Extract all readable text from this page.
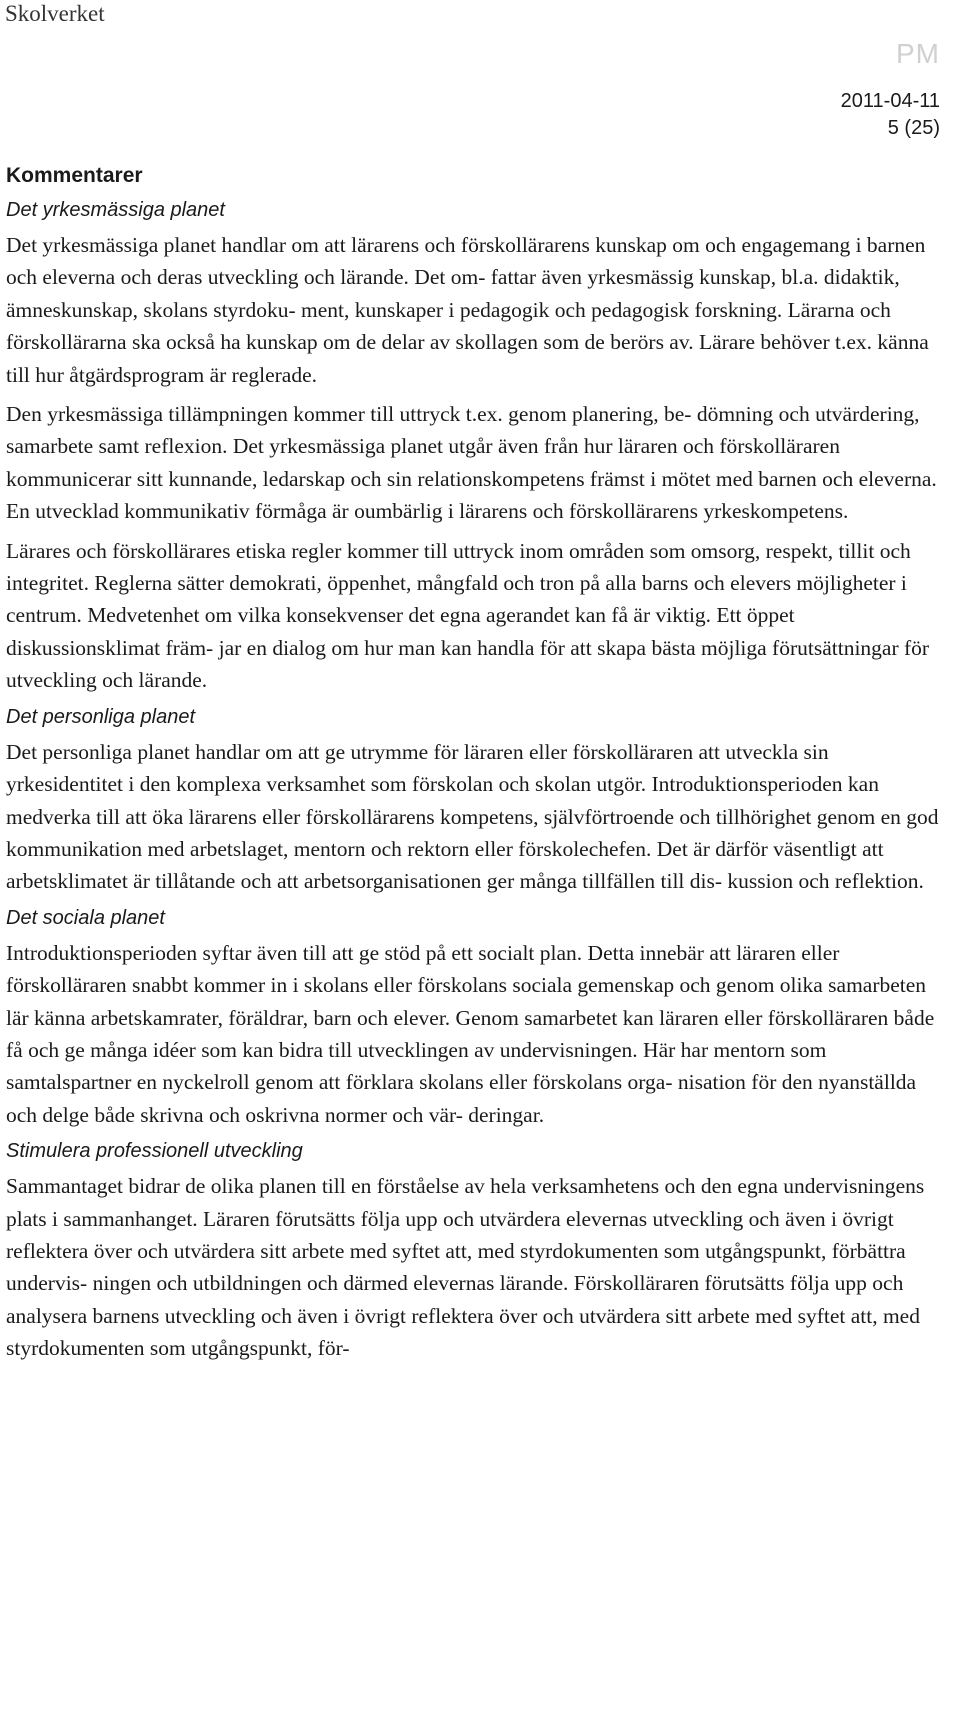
Skolverket
PM
2011-04-11
5 (25)
Kommentarer
Det yrkesmässiga planet

Det yrkesmässiga planet handlar om att lärarens och förskollärarens kunskap om och engagemang i barnen och eleverna och deras utveckling och lärande. Det om- fattar även yrkesmässig kunskap, bl.a. didaktik, ämneskunskap, skolans styrdoku- ment, kunskaper i pedagogik och pedagogisk forskning. Lärarna och förskollärarna ska också ha kunskap om de delar av skollagen som de berörs av. Lärare behöver t.ex. känna till hur åtgärdsprogram är reglerade.

Den yrkesmässiga tillämpningen kommer till uttryck t.ex. genom planering, be- dömning och utvärdering, samarbete samt reflexion. Det yrkesmässiga planet utgår även från hur läraren och förskolläraren kommunicerar sitt kunnande, ledarskap och sin relationskompetens främst i mötet med barnen och eleverna. En utvecklad kommunikativ förmåga är oumbärlig i lärarens och förskollärarens yrkeskompetens.

Lärares och förskollärares etiska regler kommer till uttryck inom områden som omsorg, respekt, tillit och integritet. Reglerna sätter demokrati, öppenhet, mångfald och tron på alla barns och elevers möjligheter i centrum. Medvetenhet om vilka konsekvenser det egna agerandet kan få är viktig. Ett öppet diskussionsklimat främ- jar en dialog om hur man kan handla för att skapa bästa möjliga förutsättningar för utveckling och lärande.

Det personliga planet

Det personliga planet handlar om att ge utrymme för läraren eller förskolläraren att utveckla sin yrkesidentitet i den komplexa verksamhet som förskolan och skolan utgör. Introduktionsperioden kan medverka till att öka lärarens eller förskollärarens kompetens, självförtroende och tillhörighet genom en god kommunikation med arbetslaget, mentorn och rektorn eller förskolechefen. Det är därför väsentligt att arbetsklimatet är tillåtande och att arbetsorganisationen ger många tillfällen till dis- kussion och reflektion.

Det sociala planet

Introduktionsperioden syftar även till att ge stöd på ett socialt plan. Detta innebär att läraren eller förskolläraren snabbt kommer in i skolans eller förskolans sociala gemenskap och genom olika samarbeten lär känna arbetskamrater, föräldrar, barn och elever. Genom samarbetet kan läraren eller förskolläraren både få och ge många idéer som kan bidra till utvecklingen av undervisningen. Här har mentorn som samtalspartner en nyckelroll genom att förklara skolans eller förskolans orga- nisation för den nyanställda och delge både skrivna och oskrivna normer och vär- deringar.

Stimulera professionell utveckling

Sammantaget bidrar de olika planen till en förståelse av hela verksamhetens och den egna undervisningens plats i sammanhanget. Läraren förutsätts följa upp och utvärdera elevernas utveckling och även i övrigt reflektera över och utvärdera sitt arbete med syftet att, med styrdokumenten som utgångspunkt, förbättra undervis- ningen och utbildningen och därmed elevernas lärande. Förskolläraren förutsätts följa upp och analysera barnens utveckling och även i övrigt reflektera över och utvärdera sitt arbete med syftet att, med styrdokumenten som utgångspunkt, för-
